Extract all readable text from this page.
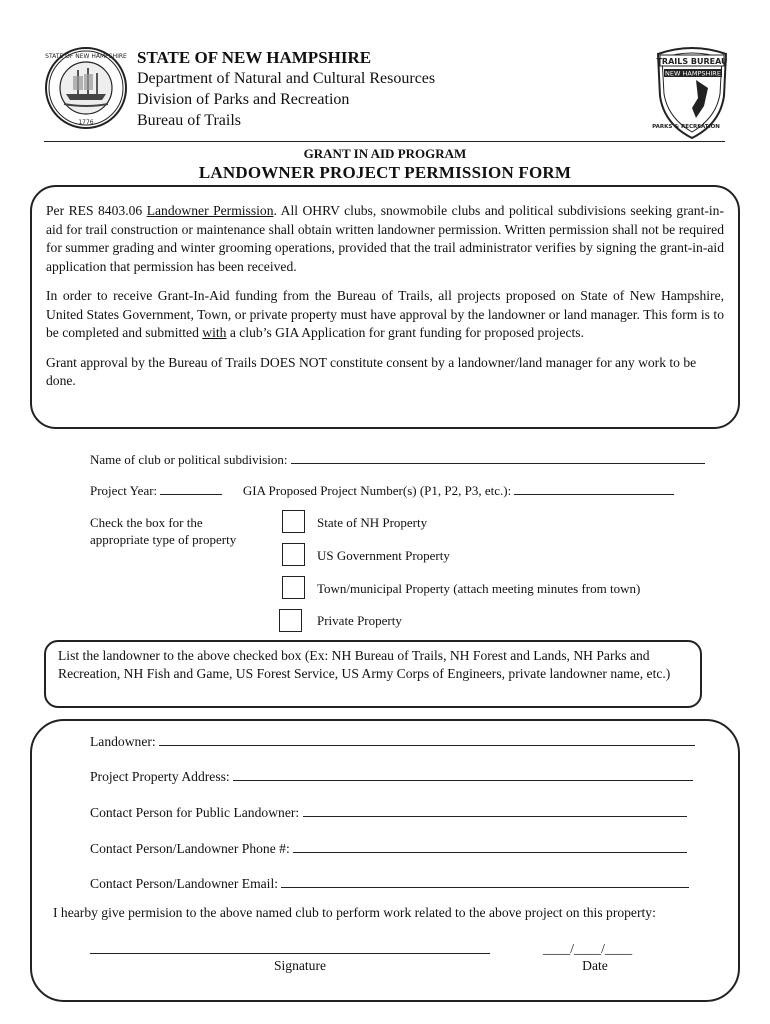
STATE OF NEW HAMPSHIRE
1776
STATE OF NEW HAMPSHIRE
Department of Natural and Cultural Resources
Division of Parks and Recreation
Bureau of Trails
TRAILS BUREAU
NEW HAMPSHIRE
PARKS & RECREATION
GRANT IN AID PROGRAM
LANDOWNER PROJECT PERMISSION FORM

Per RES 8403.06 Landowner Permission. All OHRV clubs, snowmobile clubs and political subdivisions seeking grant-in-aid for trail construction or maintenance shall obtain written landowner permission. Written permission shall not be required for summer grading and winter grooming operations, provided that the trail administrator verifies by signing the grant-in-aid application that permission has been received.

In order to receive Grant-In-Aid funding from the Bureau of Trails, all projects proposed on State of New Hampshire, United States Government, Town, or private property must have approval by the landowner or land manager. This form is to be completed and submitted with a club’s GIA Application for grant funding for proposed projects.

Grant approval by the Bureau of Trails DOES NOT constitute consent by a landowner/land manager for any work to be done.

Name of club or political subdivision:
Project Year:	GIA Proposed Project Number(s) (P1, P2, P3, etc.):
Check the box for the appropriate type of property
State of NH Property
US Government Property
Town/municipal Property (attach meeting minutes from town)
Private Property
List the landowner to the above checked box (Ex: NH Bureau of Trails, NH Forest and Lands, NH Parks and Recreation, NH Fish and Game, US Forest Service, US Army Corps of Engineers, private landowner name, etc.)
Landowner:
Project Property Address:
Contact Person for Public Landowner:
Contact Person/Landowner Phone #:
Contact Person/Landowner Email:
I hearby give permision to the above named club to perform work related to the above project on this property:
Signature
____/____/____
Date
